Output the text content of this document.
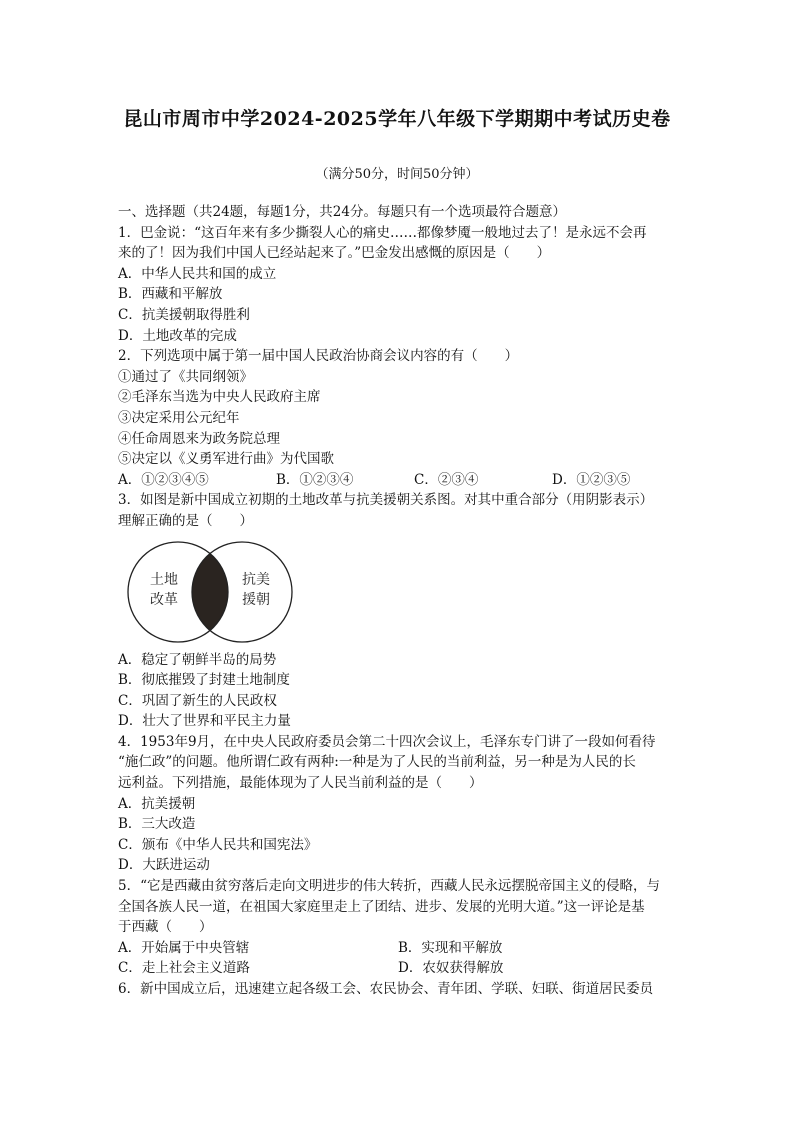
昆山市周市中学2024-2025学年八年级下学期期中考试历史卷
（满分50分，时间50分钟）
一、选择题（共24题，每题1分，共24分。每题只有一个选项最符合题意）
1．巴金说：“这百年来有多少撕裂人心的痛史……都像梦魇一般地过去了！是永远不会再
来的了！因为我们中国人已经站起来了。”巴金发出感慨的原因是（　　）
A．中华人民共和国的成立
B．西藏和平解放
C．抗美援朝取得胜利
D．土地改革的完成
2．下列选项中属于第一届中国人民政治协商会议内容的有（　　）
①通过了《共同纲领》
②毛泽东当选为中央人民政府主席
③决定采用公元纪年
④任命周恩来为政务院总理
⑤决定以《义勇军进行曲》为代国歌
A．①②③④⑤	B．①②③④	C．②③④	D．①②③⑤
3．如图是新中国成立初期的土地改革与抗美援朝关系图。对其中重合部分（用阴影表示）
理解正确的是（　　）
土地
改革
抗美
援朝
A．稳定了朝鲜半岛的局势
B．彻底摧毁了封建土地制度
C．巩固了新生的人民政权
D．壮大了世界和平民主力量
4．1953年9月，在中央人民政府委员会第二十四次会议上，毛泽东专门讲了一段如何看待
“施仁政”的问题。他所谓仁政有两种:一种是为了人民的当前利益，另一种是为人民的长
远利益。下列措施，最能体现为了人民当前利益的是（　　）
A．抗美援朝
B．三大改造
C．颁布《中华人民共和国宪法》
D．大跃进运动
5．“它是西藏由贫穷落后走向文明进步的伟大转折，西藏人民永远摆脱帝国主义的侵略，与
全国各族人民一道，在祖国大家庭里走上了团结、进步、发展的光明大道。”这一评论是基
于西藏（　　）
A．开始属于中央管辖	B．实现和平解放
C．走上社会主义道路	D．农奴获得解放
6．新中国成立后，迅速建立起各级工会、农民协会、青年团、学联、妇联、街道居民委员
